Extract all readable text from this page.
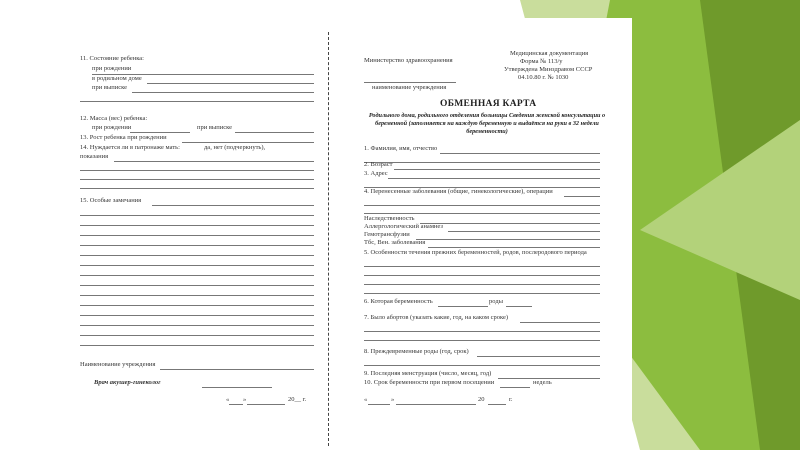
11. Состояние ребенка:
при рождении
в родильном доме
при выписке
12. Масса (вес) ребенка:
при рождении	при выписке
13. Рост ребенка при рождении
14. Нуждается ли в патронаже мать:	да, нет (подчеркнуть),
показания
15. Особые замечания
Наименование учреждения
Врач акушер-гинеколог
« »	20__ г.
Министерство здравоохранения
наименование учреждения
Медицинская документация
Форма № 113/у
Утверждена Минздравом СССР
04.10.80 г. № 1030
ОБМЕННАЯ КАРТА
Родильного дома, родильного отделения больницы Сведения женской консультации о беременной (заполняется на каждую беременную и выдаётся на руки в 32 недели беременности)
1. Фамилия, имя, отчество
2. Возраст
3. Адрес
4. Перенесенные заболевания (общие, гинекологические), операции
Наследственность
Аллергологический анамнез
Гемотрансфузии
Тбс, Вен. заболевания
5. Особенности течения прежних беременностей, родов, послеродового периода
6. Которая беременность	роды
7. Было абортов (указать какие, год, на каком сроке)
8. Преждевременные роды (год, срок)
9. Последняя менструация (число, месяц, год)
10. Срок беременности при первом посещении	недель
«	»	20	г.
